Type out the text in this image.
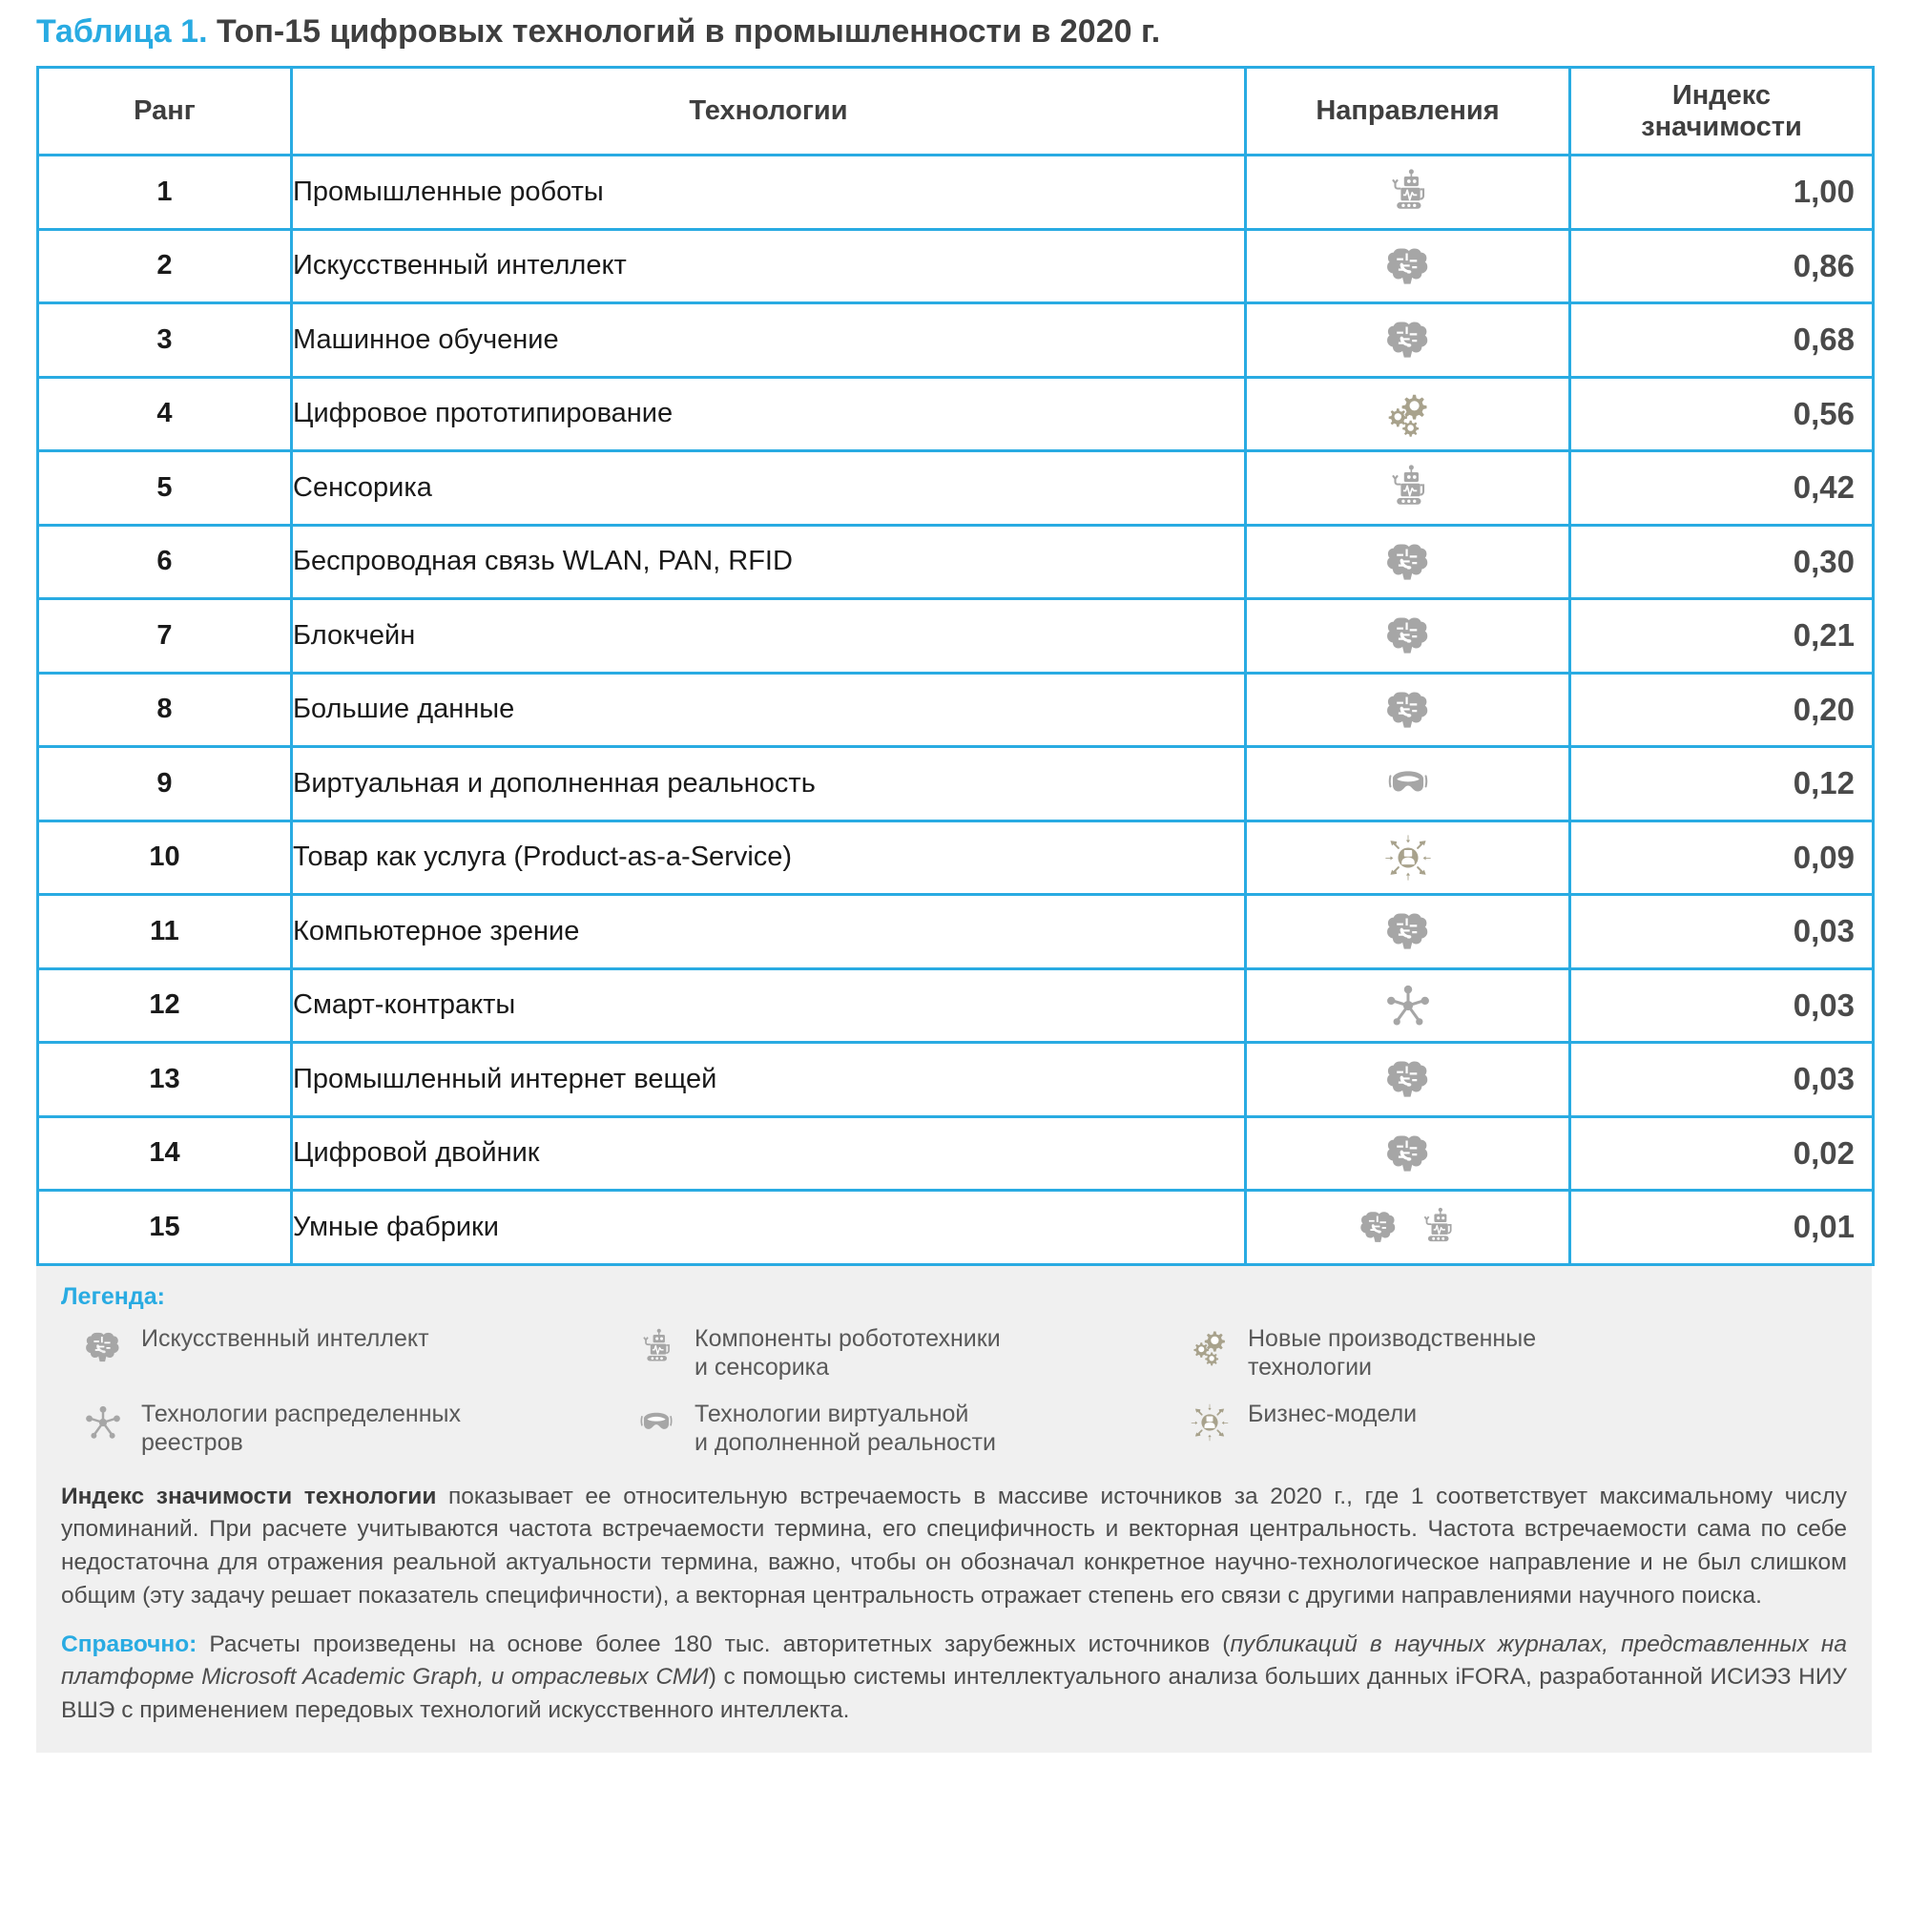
Таблица 1. Топ-15 цифровых технологий в промышленности в 2020 г.
Ранг	Технологии	Направления	Индекс
значимости
1	Промышленные роботы		1,00

2	Искусственный интеллект		0,86

3	Машинное обучение		0,68

4	Цифровое прототипирование		0,56

5	Сенсорика		0,42

6	Беспроводная связь WLAN, PAN, RFID		0,30

7	Блокчейн		0,21

8	Большие данные		0,20

9	Виртуальная и дополненная реальность		0,12

10	Товар как услуга (Product-as-a-Service)		0,09

11	Компьютерное зрение		0,03

12	Смарт-контракты		0,03

13	Промышленный интернет вещей		0,03

14	Цифровой двойник		0,02

15	Умные фабрики		0,01
Легенда:
Искусственный интеллект	Компоненты робототехники
и сенсорика
Новые производственные
технологии
Технологии распределенных
реестров
Технологии виртуальной
и дополненной реальности
Бизнес-модели

Индекс значимости технологии показывает ее относительную встречаемость в массиве источников за 2020 г., где 1 соответствует максимальному числу упоминаний. При расчете учитываются частота встречаемости термина, его специфичность и векторная центральность. Частота встречаемости сама по себе недостаточна для отражения реальной актуальности термина, важно, чтобы он обозначал конкретное научно-технологическое направление и не был слишком общим (эту задачу решает показатель специфичности), а векторная центральность отражает степень его связи с другими направлениями научного поиска.

Справочно: Расчеты произведены на основе более 180 тыс. авторитетных зарубежных источников (публикаций в научных журналах, представленных на платформе Microsoft Academic Graph, и отраслевых СМИ) с помощью системы интеллектуального анализа больших данных iFORA, разработанной ИСИЭЗ НИУ ВШЭ с применением передовых технологий искусственного интеллекта.
